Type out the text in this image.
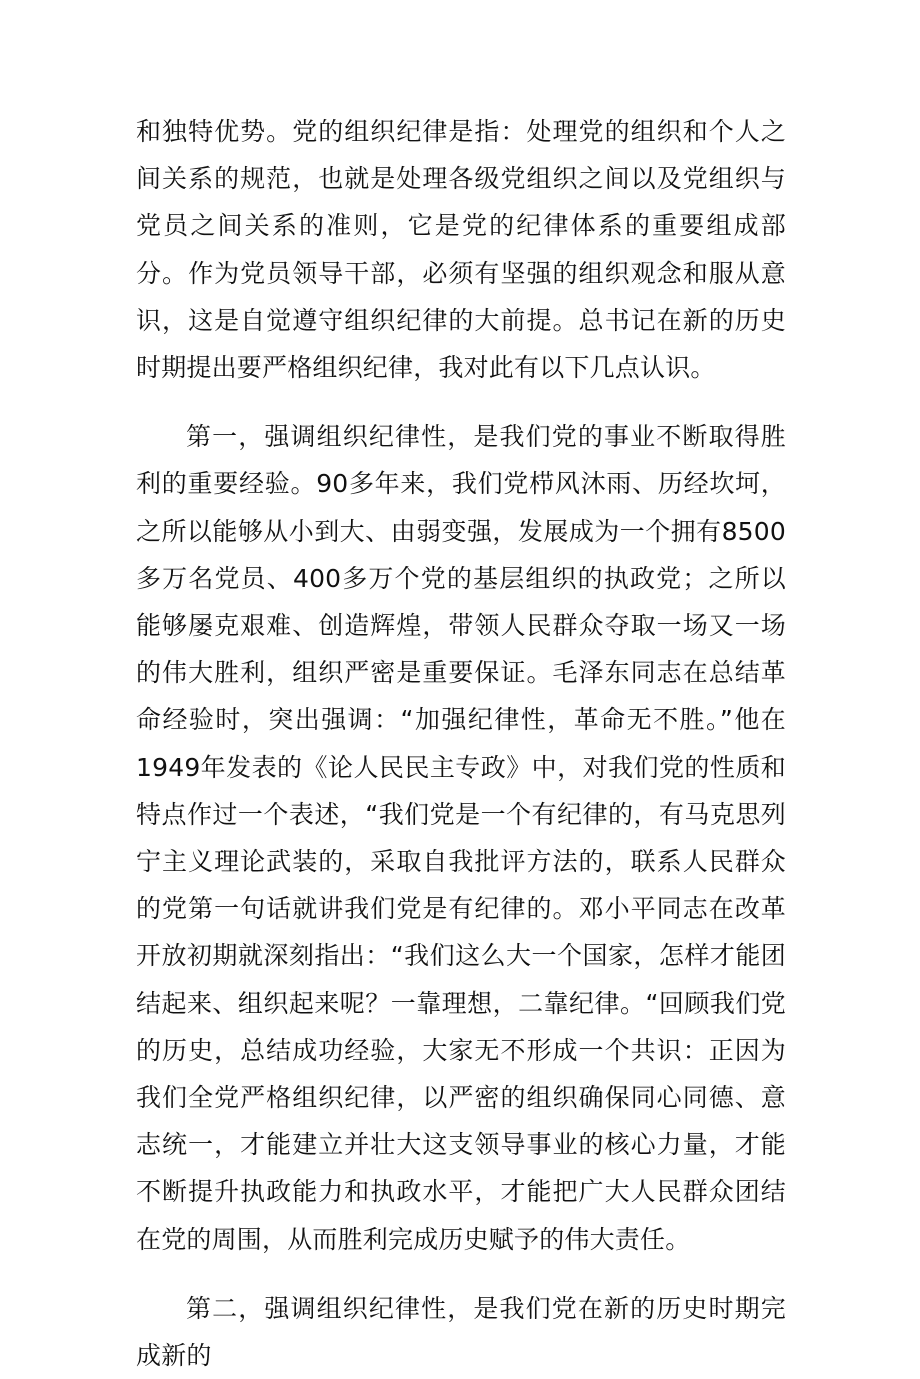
和独特优势。党的组织纪律是指：处理党的组织和个人之间关系的规范，也就是处理各级党组织之间以及党组织与党员之间关系的准则，它是党的纪律体系的重要组成部分。作为党员领导干部，必须有坚强的组织观念和服从意识，这是自觉遵守组织纪律的大前提。总书记在新的历史时期提出要严格组织纪律，我对此有以下几点认识。

第一，强调组织纪律性，是我们党的事业不断取得胜利的重要经验。90多年来，我们党栉风沐雨、历经坎坷，之所以能够从小到大、由弱变强，发展成为一个拥有8500多万名党员、400多万个党的基层组织的执政党；之所以能够屡克艰难、创造辉煌，带领人民群众夺取一场又一场的伟大胜利，组织严密是重要保证。毛泽东同志在总结革命经验时，突出强调：“加强纪律性，革命无不胜。”他在1949年发表的《论人民民主专政》中，对我们党的性质和特点作过一个表述，“我们党是一个有纪律的，有马克思列宁主义理论武装的，采取自我批评方法的，联系人民群众的党第一句话就讲我们党是有纪律的。邓小平同志在改革开放初期就深刻指出：“我们这么大一个国家，怎样才能团结起来、组织起来呢？一靠理想，二靠纪律。“回顾我们党的历史，总结成功经验，大家无不形成一个共识：正因为我们全党严格组织纪律，以严密的组织确保同心同德、意志统一，才能建立并壮大这支领导事业的核心力量，才能不断提升执政能力和执政水平，才能把广大人民群众团结在党的周围，从而胜利完成历史赋予的伟大责任。

第二，强调组织纪律性，是我们党在新的历史时期完成新的
